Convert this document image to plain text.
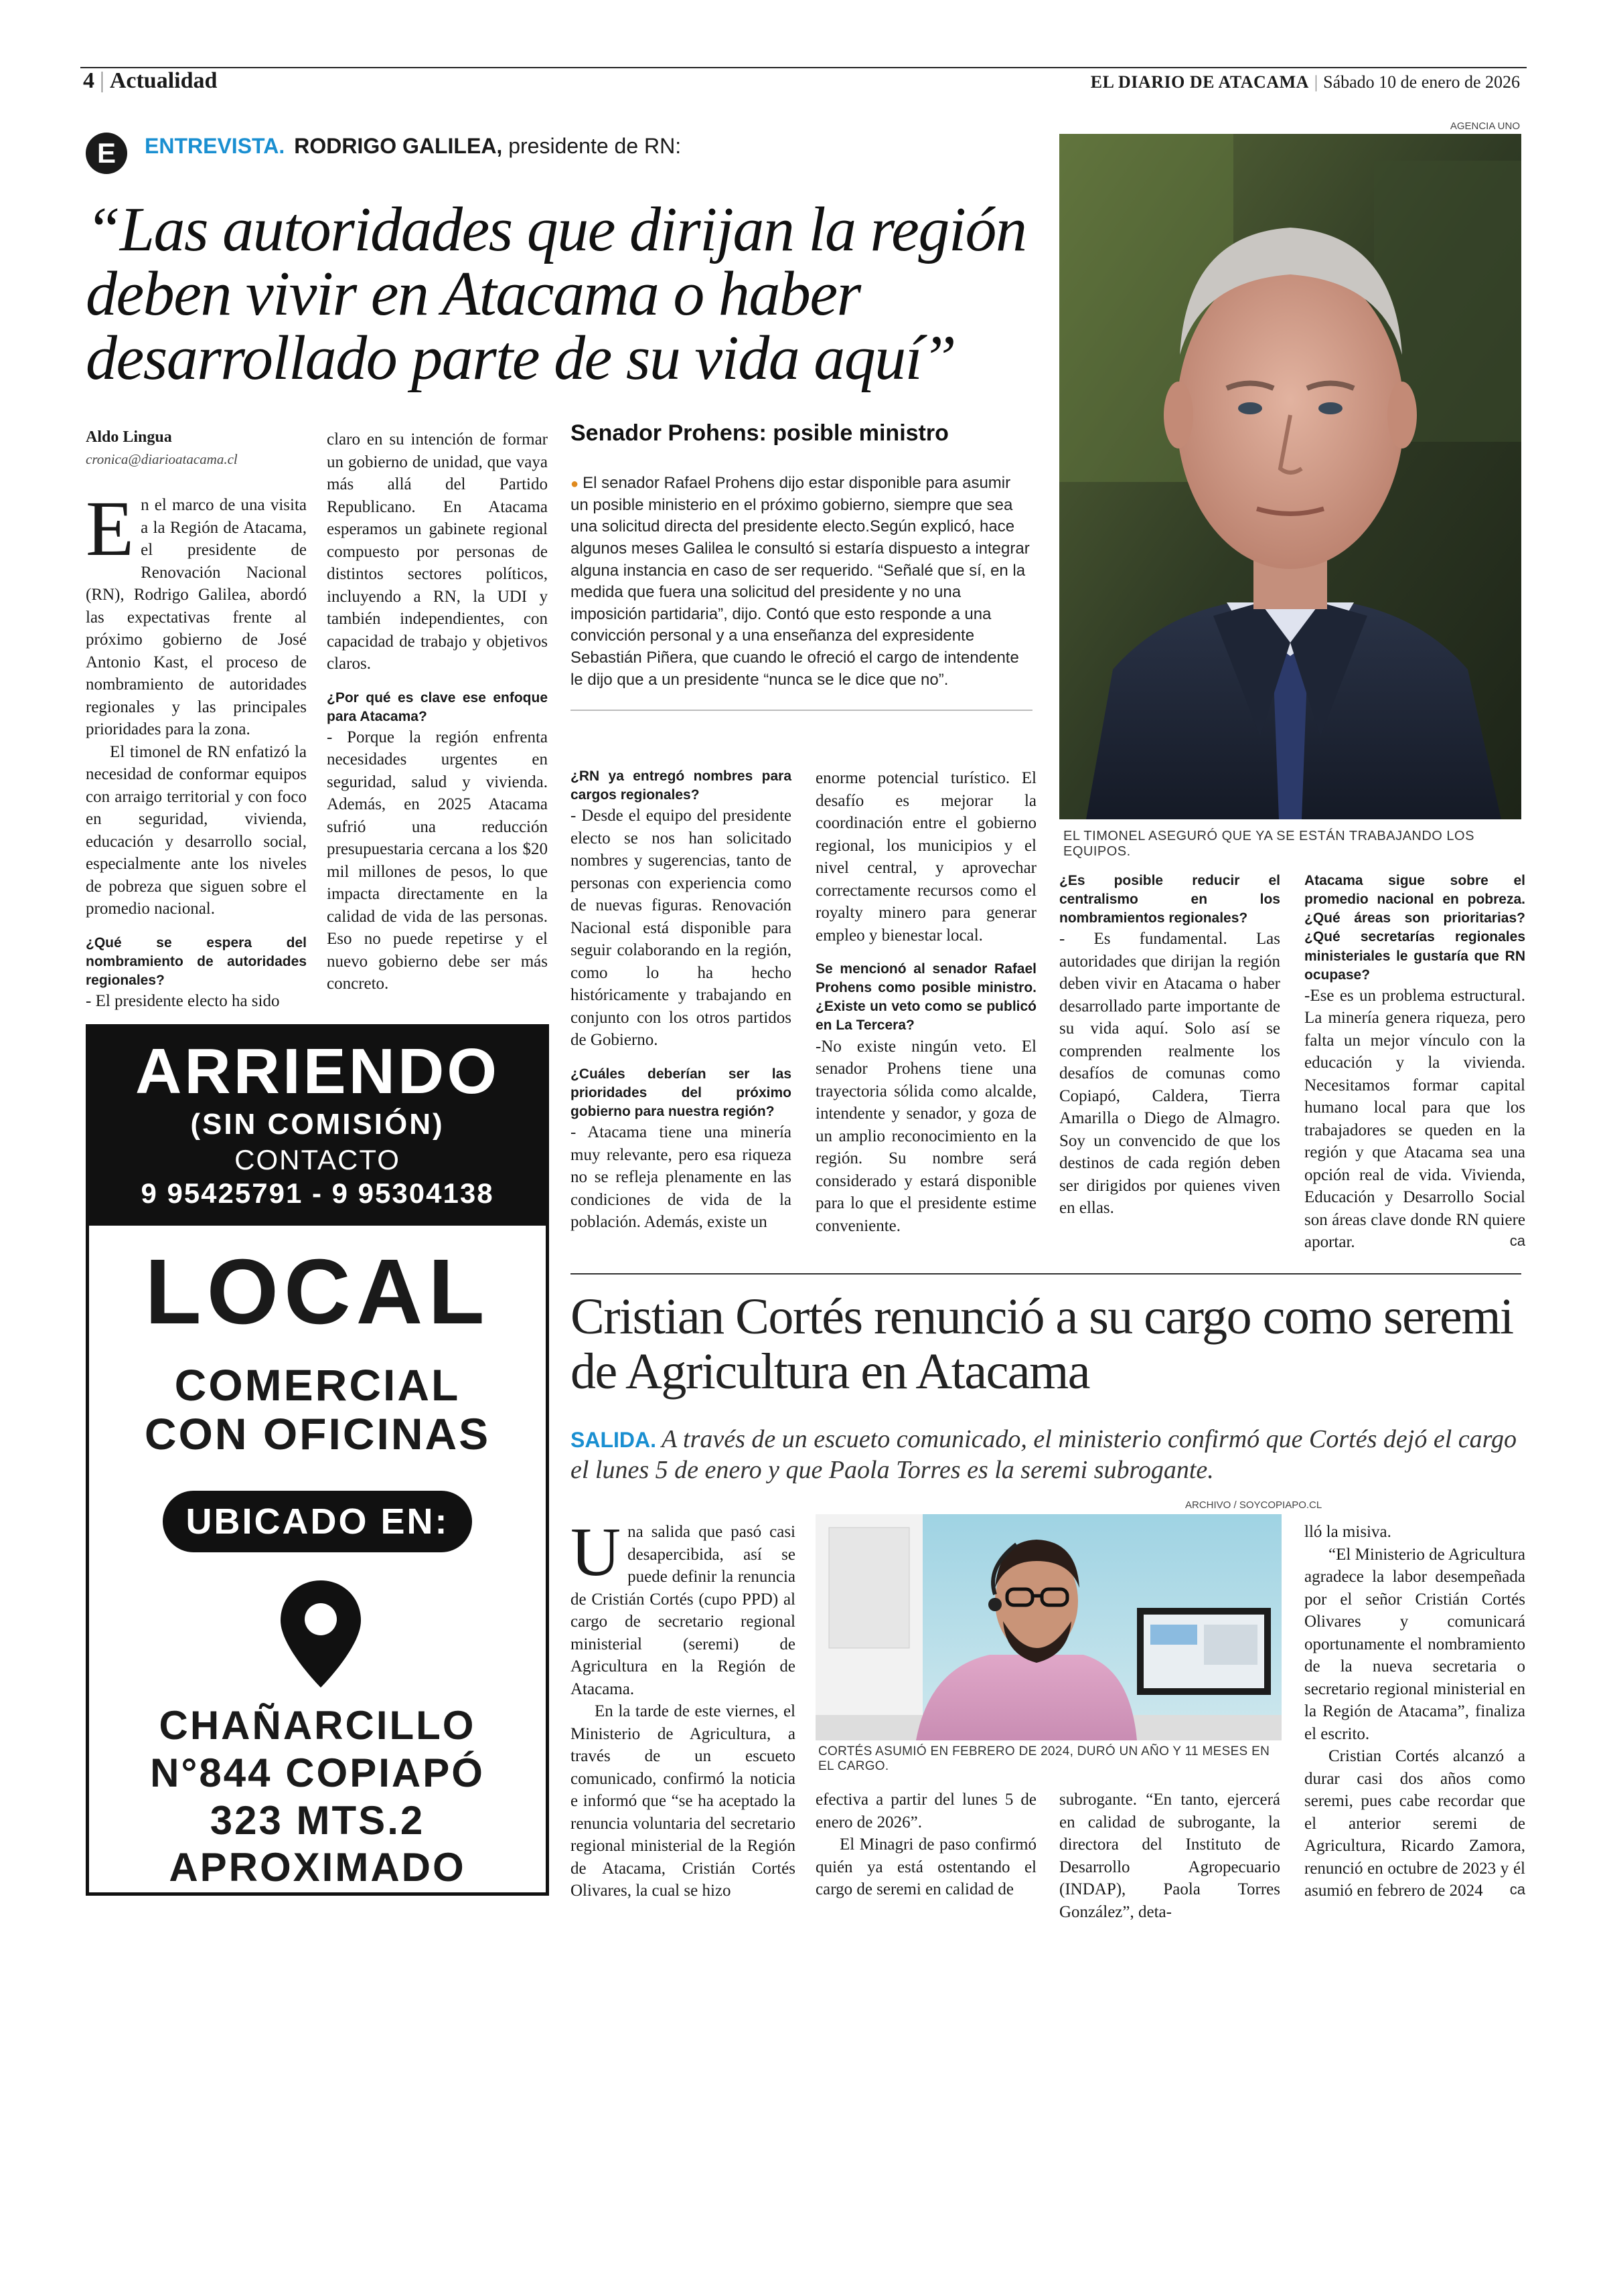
4 | Actualidad	EL DIARIO DE ATACAMA | Sábado 10 de enero de 2026
E	ENTREVISTA. RODRIGO GALILEA, presidente de RN:
“Las autoridades que dirijan la región deben vivir en Atacama o haber desarrollado parte de su vida aquí”
AGENCIA UNO
EL TIMONEL ASEGURÓ QUE YA SE ESTÁN TRABAJANDO LOS EQUIPOS.
Aldo Lingua
cronica@diarioatacama.cl

En el marco de una visita a la Región de Atacama, el presidente de Renovación Nacional (RN), Rodrigo Galilea, abordó las expectativas frente al próximo gobierno de José Antonio Kast, el proceso de nombramiento de autoridades regionales y las principales prioridades para la zona.

El timonel de RN enfatizó la necesidad de conformar equipos con arraigo territorial y con foco en seguridad, vivienda, educación y desarrollo social, especialmente ante los niveles de pobreza que siguen sobre el promedio nacional.

¿Qué se espera del nombramiento de autoridades regionales?

- El presidente electo ha sido

claro en su intención de formar un gobierno de unidad, que vaya más allá del Partido Republicano. En Atacama esperamos un gabinete regional compuesto por personas de distintos sectores políticos, incluyendo a RN, la UDI y también independientes, con capacidad de trabajo y objetivos claros.

¿Por qué es clave ese enfoque para Atacama?

- Porque la región enfrenta necesidades urgentes en seguridad, salud y vivienda. Además, en 2025 Atacama sufrió una reducción presupuestaria cercana a los $20 mil millones de pesos, lo que impacta directamente en la calidad de vida de las personas. Eso no puede repetirse y el nuevo gobierno debe ser más concreto.

Senador Prohens: posible ministro
● El senador Rafael Prohens dijo estar disponible para asumir un posible ministerio en el próximo gobierno, siempre que sea una solicitud directa del presidente electo.Según explicó, hace algunos meses Galilea le consultó si estaría dispuesto a integrar alguna instancia en caso de ser requerido. “Señalé que sí, en la medida que fuera una solicitud del presidente y no una imposición partidaria”, dijo. Contó que esto responde a una convicción personal y a una enseñanza del expresidente Sebastián Piñera, que cuando le ofreció el cargo de intendente le dijo que a un presidente “nunca se le dice que no”.

¿RN ya entregó nombres para cargos regionales?

- Desde el equipo del presidente electo se nos han solicitado nombres y sugerencias, tanto de personas con experiencia como de nuevas figuras. Renovación Nacional está disponible para seguir colaborando en la región, como lo ha hecho históricamente y trabajando en conjunto con los otros partidos de Gobierno.

¿Cuáles deberían ser las prioridades del próximo gobierno para nuestra región?

- Atacama tiene una minería muy relevante, pero esa riqueza no se refleja plenamente en las condiciones de vida de la población. Además, existe un

enorme potencial turístico. El desafío es mejorar la coordinación entre el gobierno regional, los municipios y el nivel central, y aprovechar correctamente recursos como el royalty minero para generar empleo y bienestar local.

Se mencionó al senador Rafael Prohens como posible ministro. ¿Existe un veto como se publicó en La Tercera?

-No existe ningún veto. El senador Prohens tiene una trayectoria sólida como alcalde, intendente y senador, y goza de un amplio reconocimiento en la región. Su nombre será considerado y estará disponible para lo que el presidente estime conveniente.

¿Es posible reducir el centralismo en los nombramientos regionales?

- Es fundamental. Las autoridades que dirijan la región deben vivir en Atacama o haber desarrollado parte importante de su vida aquí. Solo así se comprenden realmente los desafíos de comunas como Copiapó, Caldera, Tierra Amarilla o Diego de Almagro. Soy un convencido de que los destinos de cada región deben ser dirigidos por quienes viven en ellas.

Atacama sigue sobre el promedio nacional en pobreza. ¿Qué áreas son prioritarias? ¿Qué secretarías regionales ministeriales le gustaría que RN ocupase?

-Ese es un problema estructural. La minería genera riqueza, pero falta un mejor vínculo con la educación y la vivienda. Necesitamos formar capital humano local para que los trabajadores se queden en la región y que Atacama sea una opción real de vida. Vivienda, Educación y Desarrollo Social son áreas clave donde RN quiere aportar.	ca

ARRIENDO
(SIN COMISIÓN)
CONTACTO
9 95425791 - 9 95304138
LOCAL
COMERCIAL
CON OFICINAS
UBICADO EN:
CHAÑARCILLO
N°844 COPIAPÓ
323 MTS.2
APROXIMADO
Cristian Cortés renunció a su cargo como seremi de Agricultura en Atacama
SALIDA. A través de un escueto comunicado, el ministerio confirmó que Cortés dejó el cargo el lunes 5 de enero y que Paola Torres es la seremi subrogante.
ARCHIVO / SOYCOPIAPO.CL
CORTÉS ASUMIÓ EN FEBRERO DE 2024, DURÓ UN AÑO Y 11 MESES EN EL CARGO.

Una salida que pasó casi desapercibida, así se puede definir la renuncia de Cristián Cortés (cupo PPD) al cargo de secretario regional ministerial (seremi) de Agricultura en la Región de Atacama.

En la tarde de este viernes, el Ministerio de Agricultura, a través de un escueto comunicado, confirmó la noticia e informó que “se ha aceptado la renuncia voluntaria del secretario regional ministerial de la Región de Atacama, Cristián Cortés Olivares, la cual se hizo

efectiva a partir del lunes 5 de enero de 2026”.

El Minagri de paso confirmó quién ya está ostentando el cargo de seremi en calidad de

subrogante. “En tanto, ejercerá en calidad de subrogante, la directora del Instituto de Desarrollo Agropecuario (INDAP), Paola Torres González”, deta-

lló la misiva.

“El Ministerio de Agricultura agradece la labor desempeñada por el señor Cristián Cortés Olivares y comunicará oportunamente el nombramiento de la nueva secretaria o secretario regional ministerial en la Región de Atacama”, finaliza el escrito.

Cristian Cortés alcanzó a durar casi dos años como seremi, pues cabe recordar que el anterior seremi de Agricultura, Ricardo Zamora, renunció en octubre de 2023 y él asumió en febrero de 2024	ca
